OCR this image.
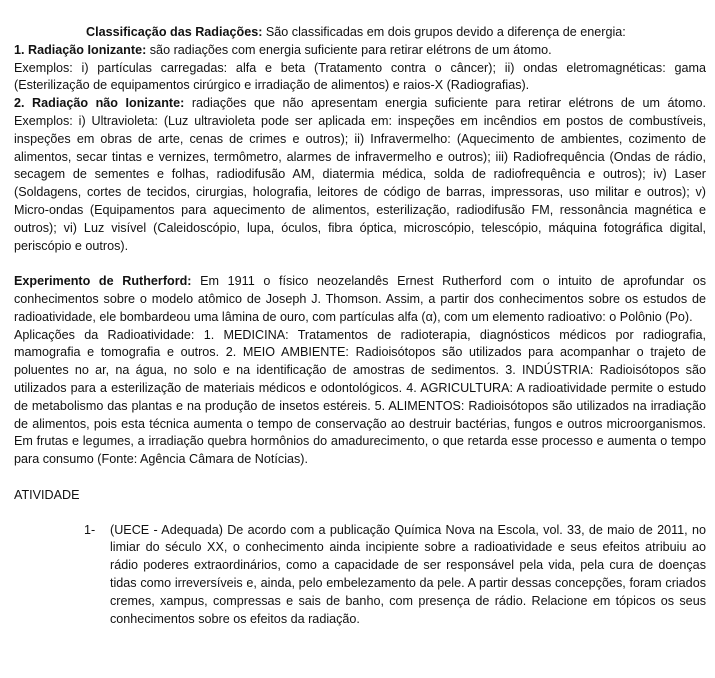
Classificação das Radiações: São classificadas em dois grupos devido a diferença de energia:

1. Radiação Ionizante: são radiações com energia suficiente para retirar elétrons de um átomo.

Exemplos: i) partículas carregadas: alfa e beta (Tratamento contra o câncer); ii) ondas eletromagnéticas: gama (Esterilização de equipamentos cirúrgico e irradiação de alimentos) e raios-X (Radiografias).

2. Radiação não Ionizante: radiações que não apresentam energia suficiente para retirar elétrons de um átomo. Exemplos: i) Ultravioleta: (Luz ultravioleta pode ser aplicada em: inspeções em incêndios em postos de combustíveis, inspeções em obras de arte, cenas de crimes e outros); ii) Infravermelho: (Aquecimento de ambientes, cozimento de alimentos, secar tintas e vernizes, termômetro, alarmes de infravermelho e outros); iii) Radiofrequência (Ondas de rádio, secagem de sementes e folhas, radiodifusão AM, diatermia médica, solda de radiofrequência e outros); iv) Laser (Soldagens, cortes de tecidos, cirurgias, holografia, leitores de código de barras, impressoras, uso militar e outros); v) Micro-ondas (Equipamentos para aquecimento de alimentos, esterilização, radiodifusão FM, ressonância magnética e outros); vi) Luz visível (Caleidoscópio, lupa, óculos, fibra óptica, microscópio, telescópio, máquina fotográfica digital, periscópio e outros).

Experimento de Rutherford: Em 1911 o físico neozelandês Ernest Rutherford com o intuito de aprofundar os conhecimentos sobre o modelo atômico de Joseph J. Thomson. Assim, a partir dos conhecimentos sobre os estudos de radioatividade, ele bombardeou uma lâmina de ouro, com partículas alfa (α), com um elemento radioativo: o Polônio (Po).

Aplicações da Radioatividade: 1. MEDICINA: Tratamentos de radioterapia, diagnósticos médicos por radiografia, mamografia e tomografia e outros. 2. MEIO AMBIENTE: Radioisótopos são utilizados para acompanhar o trajeto de poluentes no ar, na água, no solo e na identificação de amostras de sedimentos. 3. INDÚSTRIA: Radioisótopos são utilizados para a esterilização de materiais médicos e odontológicos. 4. AGRICULTURA: A radioatividade permite o estudo de metabolismo das plantas e na produção de insetos estéreis. 5. ALIMENTOS: Radioisótopos são utilizados na irradiação de alimentos, pois esta técnica aumenta o tempo de conservação ao destruir bactérias, fungos e outros microorganismos. Em frutas e legumes, a irradiação quebra hormônios do amadurecimento, o que retarda esse processo e aumenta o tempo para consumo (Fonte: Agência Câmara de Notícias).

ATIVIDADE

1- (UECE - Adequada) De acordo com a publicação Química Nova na Escola, vol. 33, de maio de 2011, no limiar do século XX, o conhecimento ainda incipiente sobre a radioatividade e seus efeitos atribuiu ao rádio poderes extraordinários, como a capacidade de ser responsável pela vida, pela cura de doenças tidas como irreversíveis e, ainda, pelo embelezamento da pele. A partir dessas concepções, foram criados cremes, xampus, compressas e sais de banho, com presença de rádio. Relacione em tópicos os seus conhecimentos sobre os efeitos da radiação.
